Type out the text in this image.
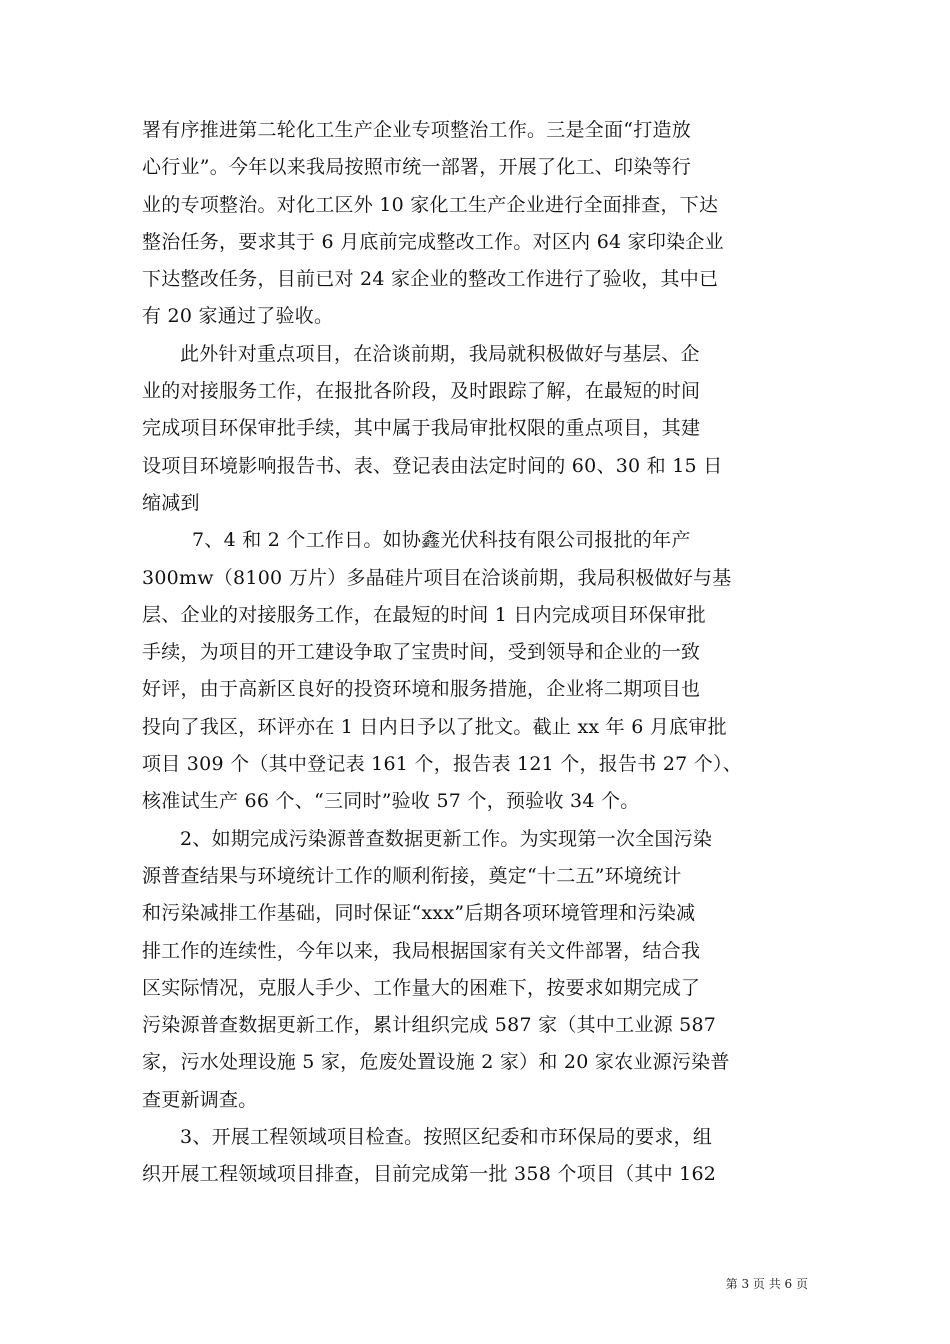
署有序推进第二轮化工生产企业专项整治工作。三是全面“打造放
心行业”。今年以来我局按照市统一部署，开展了化工、印染等行
业的专项整治。对化工区外 10 家化工生产企业进行全面排查，下达
整治任务，要求其于 6 月底前完成整改工作。对区内 64 家印染企业
下达整改任务，目前已对 24 家企业的整改工作进行了验收，其中已
有 20 家通过了验收。
此外针对重点项目，在洽谈前期，我局就积极做好与基层、企
业的对接服务工作，在报批各阶段，及时跟踪了解，在最短的时间
完成项目环保审批手续，其中属于我局审批权限的重点项目，其建
设项目环境影响报告书、表、登记表由法定时间的 60、30 和 15 日
缩减到
7、4 和 2 个工作日。如协鑫光伏科技有限公司报批的年产
300mw（8100 万片）多晶硅片项目在洽谈前期，我局积极做好与基
层、企业的对接服务工作，在最短的时间 1 日内完成项目环保审批
手续，为项目的开工建设争取了宝贵时间，受到领导和企业的一致
好评，由于高新区良好的投资环境和服务措施，企业将二期项目也
投向了我区，环评亦在 1 日内日予以了批文。截止 xx 年 6 月底审批
项目 309 个（其中登记表 161 个，报告表 121 个，报告书 27 个）、
核准试生产 66 个、“三同时”验收 57 个，预验收 34 个。
2、如期完成污染源普查数据更新工作。为实现第一次全国污染
源普查结果与环境统计工作的顺利衔接，奠定“十二五”环境统计
和污染减排工作基础，同时保证“xxx”后期各项环境管理和污染减
排工作的连续性，今年以来，我局根据国家有关文件部署，结合我
区实际情况，克服人手少、工作量大的困难下，按要求如期完成了
污染源普查数据更新工作，累计组织完成 587 家（其中工业源 587
家，污水处理设施 5 家，危废处置设施 2 家）和 20 家农业源污染普
查更新调查。
3、开展工程领域项目检查。按照区纪委和市环保局的要求，组
织开展工程领域项目排查，目前完成第一批 358 个项目（其中 162
第 3 页 共 6 页
